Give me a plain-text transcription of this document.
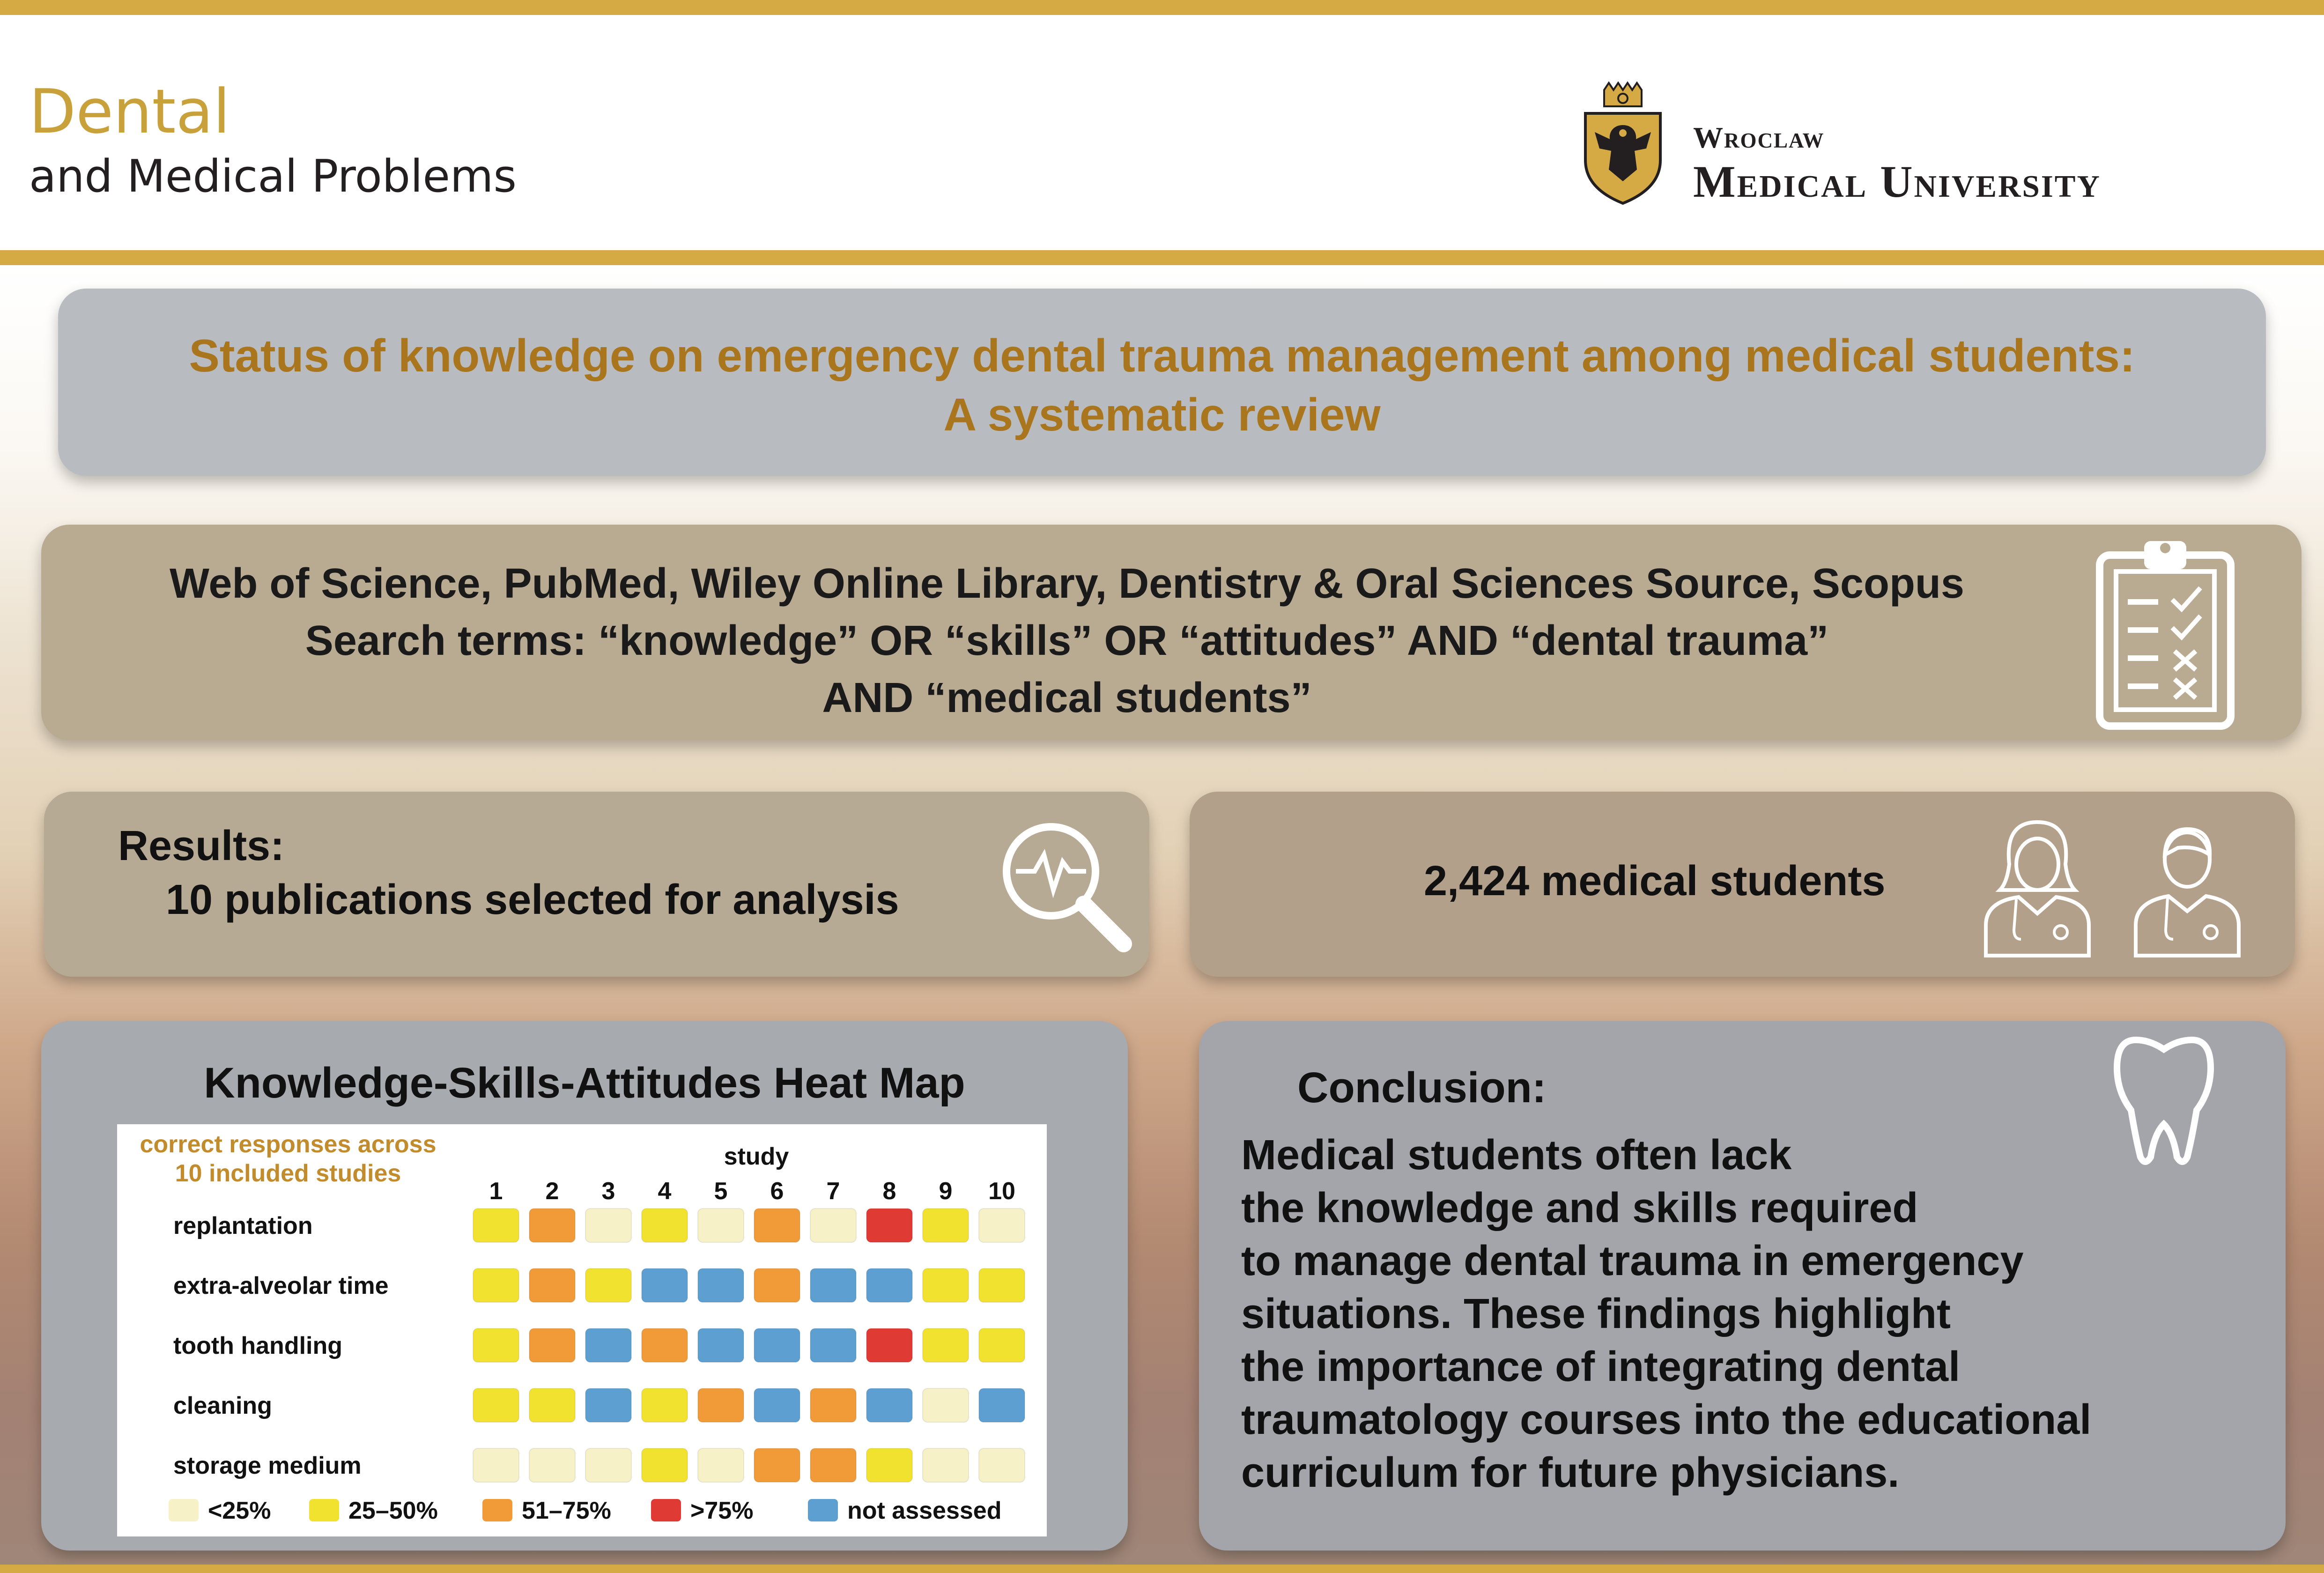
Dental
and Medical Problems
Wroclaw
Medical University
Status of knowledge on emergency dental trauma management among medical students:
A systematic review
Web of Science, PubMed, Wiley Online Library, Dentistry & Oral Sciences Source, Scopus
Search terms: “knowledge” OR “skills” OR “attitudes” AND “dental trauma”
AND “medical students”
Results:
10 publications selected for analysis	2,424 medical students
Knowledge-Skills-Attitudes Heat Map
correct responses across
10 included studies
study
1 2 3 4 5 6 7 8 9 10
replantation
extra-alveolar time
tooth handling
cleaning
storage medium
<25%	25–50%	51–75%	>75%	not assessed
Conclusion:
Medical students often lack
the knowledge and skills required
to manage dental trauma in emergency
situations. These findings highlight
the importance of integrating dental
traumatology courses into the educational
curriculum for future physicians.
